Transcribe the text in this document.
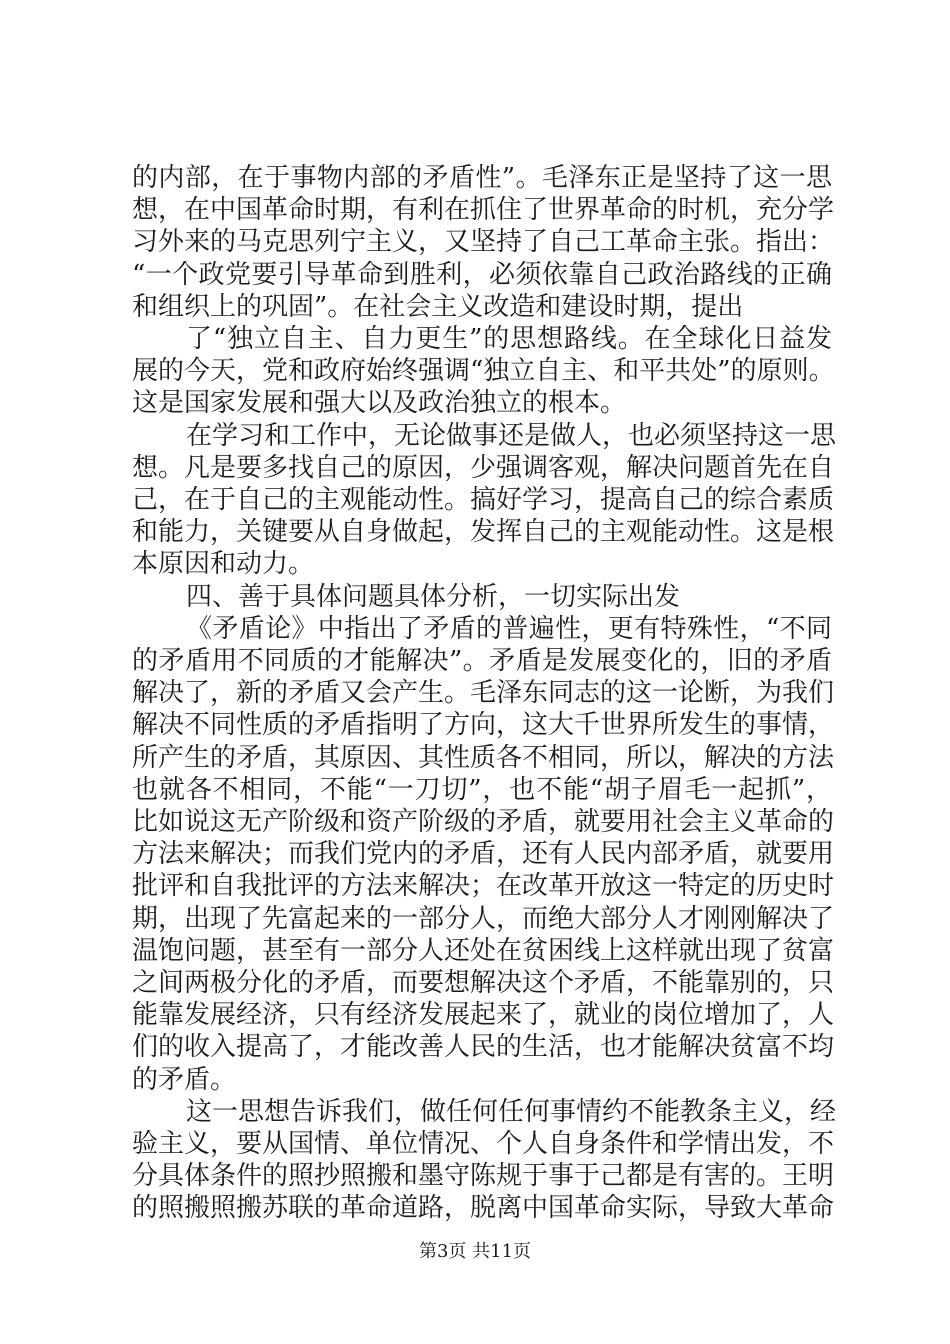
的内部，在于事物内部的矛盾性”。毛泽东正是坚持了这一思
想，在中国革命时期，有利在抓住了世界革命的时机，充分学
习外来的马克思列宁主义，又坚持了自己工革命主张。指出：
“一个政党要引导革命到胜利，必须依靠自己政治路线的正确
和组织上的巩固”。在社会主义改造和建设时期，提出
了“独立自主、自力更生”的思想路线。在全球化日益发
展的今天，党和政府始终强调“独立自主、和平共处”的原则。
这是国家发展和强大以及政治独立的根本。
在学习和工作中，无论做事还是做人，也必须坚持这一思
想。凡是要多找自己的原因，少强调客观，解决问题首先在自
己，在于自己的主观能动性。搞好学习，提高自己的综合素质
和能力，关键要从自身做起，发挥自己的主观能动性。这是根
本原因和动力。
四、善于具体问题具体分析，一切实际出发
《矛盾论》中指出了矛盾的普遍性，更有特殊性，“不同
的矛盾用不同质的才能解决”。矛盾是发展变化的，旧的矛盾
解决了，新的矛盾又会产生。毛泽东同志的这一论断，为我们
解决不同性质的矛盾指明了方向，这大千世界所发生的事情，
所产生的矛盾，其原因、其性质各不相同，所以，解决的方法
也就各不相同，不能“一刀切”，也不能“胡子眉毛一起抓”，
比如说这无产阶级和资产阶级的矛盾，就要用社会主义革命的
方法来解决；而我们党内的矛盾，还有人民内部矛盾，就要用
批评和自我批评的方法来解决；在改革开放这一特定的历史时
期，出现了先富起来的一部分人，而绝大部分人才刚刚解决了
温饱问题，甚至有一部分人还处在贫困线上这样就出现了贫富
之间两极分化的矛盾，而要想解决这个矛盾，不能靠别的，只
能靠发展经济，只有经济发展起来了，就业的岗位增加了，人
们的收入提高了，才能改善人民的生活，也才能解决贫富不均
的矛盾。
这一思想告诉我们，做任何任何事情约不能教条主义，经
验主义，要从国情、单位情况、个人自身条件和学情出发，不
分具体条件的照抄照搬和墨守陈规于事于己都是有害的。王明
的照搬照搬苏联的革命道路，脱离中国革命实际，导致大革命
第3页 共11页
